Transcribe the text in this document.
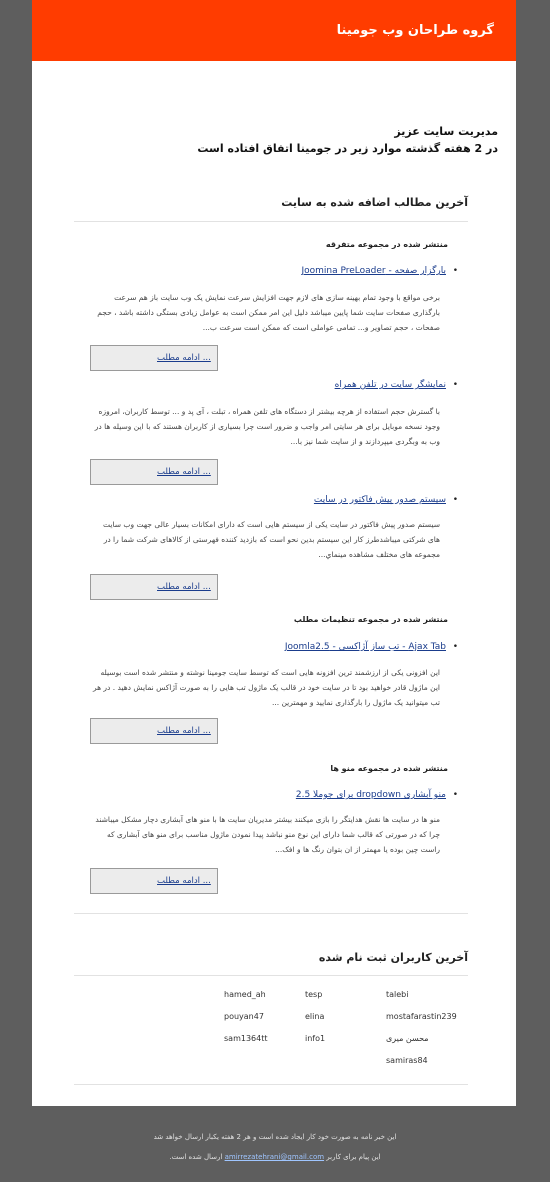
گروه طراحان وب جومینا
مدیریت سایت عزیز
در 2 هفته گذشته موارد زیر در جومینا اتفاق افتاده است
آخرین مطالب اضافه شده به سایت
منتشر شده در مجموعه متفرقه
•
بارگزار صفحه - Joomina PreLoader
برخی مواقع با وجود تمام بهینه سازی های لازم جهت افزایش سرعت نمایش یک وب سایت باز هم سرعت بارگذاری صفحات سایت شما پایین میباشد دلیل این امر ممکن است به عوامل زیادی بستگی داشته باشد ، حجم صفحات ، حجم تصاویر و... تمامی عواملی است که ممکن است سرعت ب...
ادامه مطلب ...
•
نمایشگر سایت در تلفن همراه
با گسترش حجم استفاده از هرچه بیشتر از دستگاه های تلفن همراه ، تبلت ، آی پد و ... توسط کاربران، امروزه وجود نسخه موبایل برای هر سایتی امر واجب و ضرور است چرا بسیاری از کاربران هستند که با این وسیله ها در وب به وبگردی میپردازند و از سایت شما نیز با...
ادامه مطلب ...
•
سیستم صدور پیش فاکتور در سایت
سیستم صدور پیش فاکتور در سایت یکی از سیستم هایی است که دارای امکانات بسیار عالی جهت وب سایت های شرکتی میباشدطرز کار این سیستم بدین نحو است که بازدید کننده فهرستی از کالاهای شرکت شما را در مجموعه های مختلف مشاهده مینماي...
ادامه مطلب ...
منتشر شده در مجموعه تنظیمات مطلب
•
Ajax Tab - تب ساز آژاکسی - Joomla2.5
این افزونی یکی از ارزشمند ترین افزونه هایی است که توسط سایت جومینا نوشته و منتشر شده است بوسیله این ماژول قادر خواهید بود تا در سایت خود در قالب یک ماژول تب هایی را به صورت آژاکس نمایش دهید . در هر تب میتوانید یک ماژول را بارگذاری نمایید و مهمترین ...
ادامه مطلب ...
منتشر شده در مجموعه منو ها
•
منو آبشاری dropdown برای جوملا 2.5
منو ها در سایت ها نقش هدایتگر را بازی میکنند بیشتر مدیریان سایت ها با منو های آبشاری دچار مشکل میباشند چرا که در صورتی که قالب شما دارای این نوع منو نباشد پیدا نمودن ماژول مناسب برای منو های آبشاری که راست چین بوده یا مهمتر از ان بتوان رنگ ها و افک...
ادامه مطلب ...
آخرین کاربران ثبت نام شده
talebi
mostafarastin239
محسن میری
samiras84
tesp
elina
info1
hamed_ah
pouyan47
sam1364tt
این خبر نامه به صورت خود کار ایجاد شده است و هر 2 هفته یکبار ارسال خواهد شد
این پیام برای کاربر amirrezatehrani@gmail.com ارسال شده است.
